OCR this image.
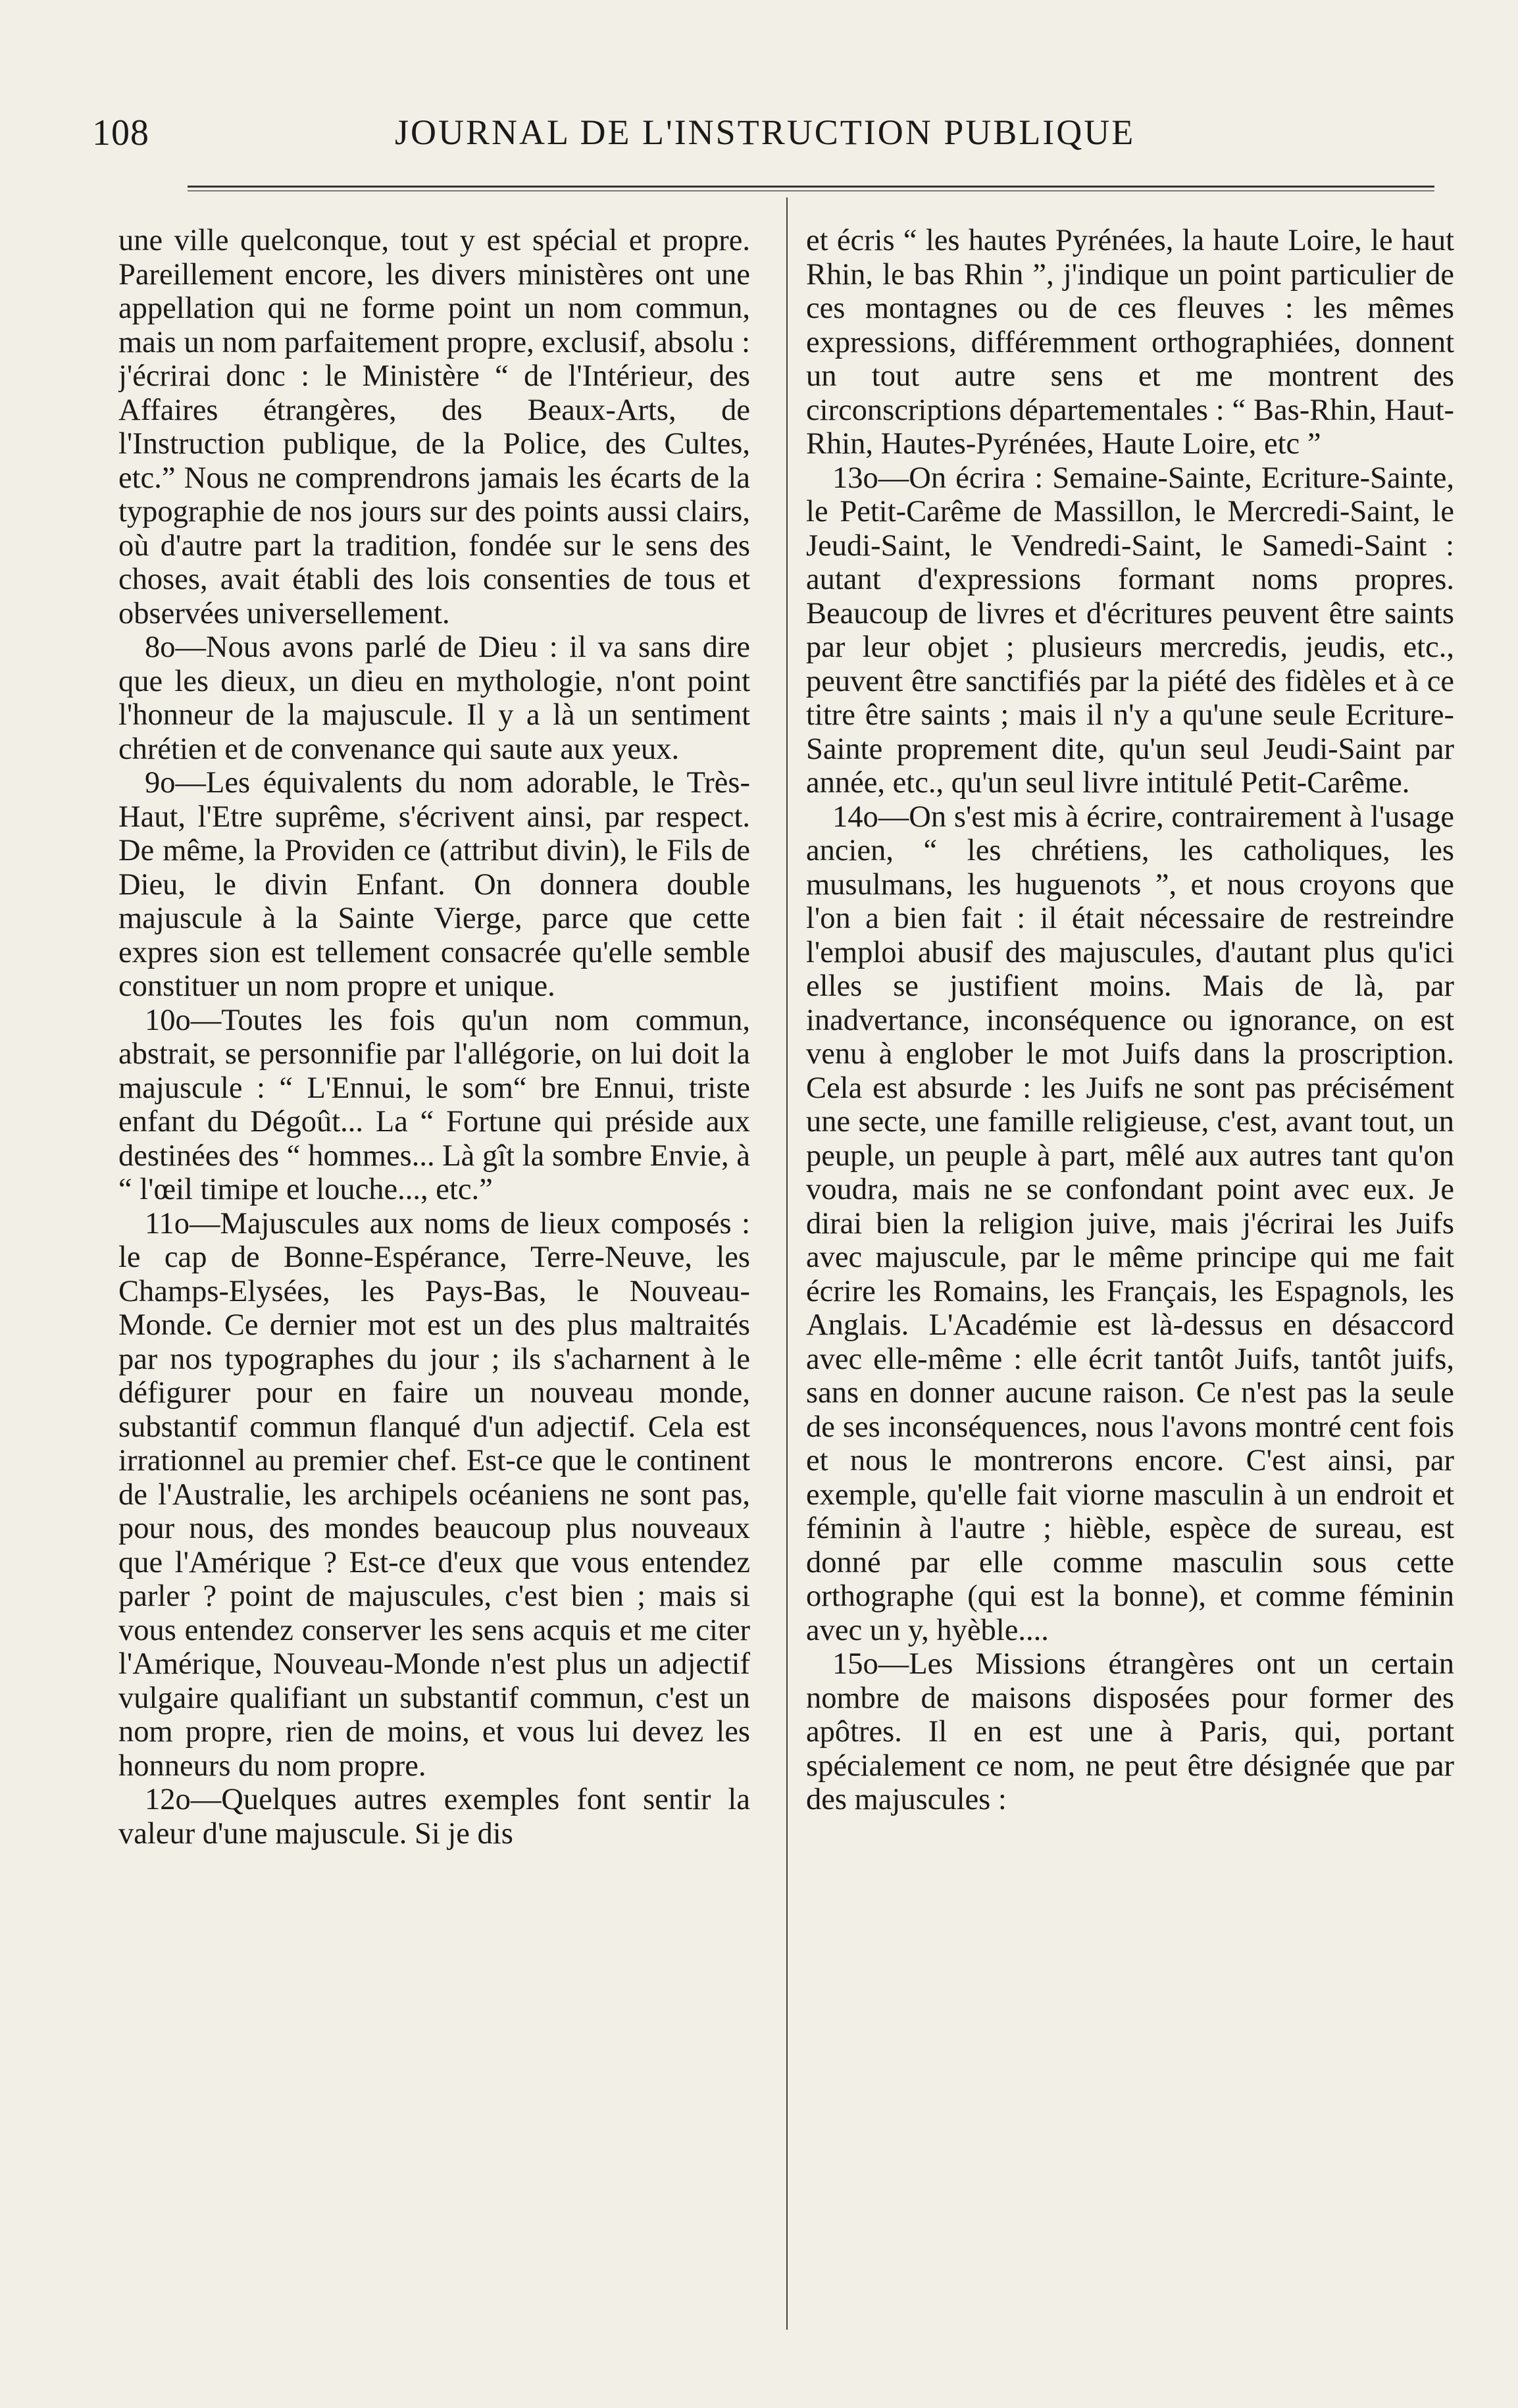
108	JOURNAL DE L'INSTRUCTION PUBLIQUE

une ville quelconque, tout y est spécial et propre. Pareillement encore, les divers ministères ont une appellation qui ne forme point un nom commun, mais un nom parfaitement propre, exclusif, absolu : j'écrirai donc : le Ministère “ de l'Intérieur, des Affaires étrangères, des Beaux-Arts, de l'Instruction publique, de la Police, des Cultes, etc.” Nous ne comprendrons jamais les écarts de la typographie de nos jours sur des points aussi clairs, où d'autre part la tradition, fondée sur le sens des choses, avait établi des lois consenties de tous et observées universellement.

8o—Nous avons parlé de Dieu : il va sans dire que les dieux, un dieu en mythologie, n'ont point l'honneur de la majuscule. Il y a là un sentiment chrétien et de convenance qui saute aux yeux.

9o—Les équivalents du nom adorable, le Très-Haut, l'Etre suprême, s'écrivent ainsi, par respect. De même, la Providen ce (attribut divin), le Fils de Dieu, le divin Enfant. On donnera double majuscule à la Sainte Vierge, parce que cette expres sion est tellement consacrée qu'elle semble constituer un nom propre et unique.

10o—Toutes les fois qu'un nom commun, abstrait, se personnifie par l'allégorie, on lui doit la majuscule : “ L'Ennui, le som“ bre Ennui, triste enfant du Dégoût... La “ Fortune qui préside aux destinées des “ hommes... Là gît la sombre Envie, à “ l'œil timipe et louche..., etc.”

11o—Majuscules aux noms de lieux composés : le cap de Bonne-Espérance, Terre-Neuve, les Champs-Elysées, les Pays-Bas, le Nouveau-Monde. Ce dernier mot est un des plus maltraités par nos typographes du jour ; ils s'acharnent à le défigurer pour en faire un nouveau monde, substantif commun flanqué d'un adjectif. Cela est irrationnel au premier chef. Est-ce que le continent de l'Australie, les archipels océaniens ne sont pas, pour nous, des mondes beaucoup plus nouveaux que l'Amérique ? Est-ce d'eux que vous entendez parler ? point de majuscules, c'est bien ; mais si vous entendez conserver les sens acquis et me citer l'Amérique, Nouveau-Monde n'est plus un adjectif vulgaire qualifiant un substantif commun, c'est un nom propre, rien de moins, et vous lui devez les honneurs du nom propre.

12o—Quelques autres exemples font sentir la valeur d'une majuscule. Si je dis

et écris “ les hautes Pyrénées, la haute Loire, le haut Rhin, le bas Rhin ”, j'indique un point particulier de ces montagnes ou de ces fleuves : les mêmes expressions, différemment orthographiées, donnent un tout autre sens et me montrent des circonscriptions départementales : “ Bas-Rhin, Haut-Rhin, Hautes-Pyrénées, Haute Loire, etc ”

13o—On écrira : Semaine-Sainte, Ecriture-Sainte, le Petit-Carême de Massillon, le Mercredi-Saint, le Jeudi-Saint, le Vendredi-Saint, le Samedi-Saint : autant d'expressions formant noms propres. Beaucoup de livres et d'écritures peuvent être saints par leur objet ; plusieurs mercredis, jeudis, etc., peuvent être sanctifiés par la piété des fidèles et à ce titre être saints ; mais il n'y a qu'une seule Ecriture-Sainte proprement dite, qu'un seul Jeudi-Saint par année, etc., qu'un seul livre intitulé Petit-Carême.

14o—On s'est mis à écrire, contrairement à l'usage ancien, “ les chrétiens, les catholiques, les musulmans, les huguenots ”, et nous croyons que l'on a bien fait : il était nécessaire de restreindre l'emploi abusif des majuscules, d'autant plus qu'ici elles se justifient moins. Mais de là, par inadvertance, inconséquence ou ignorance, on est venu à englober le mot Juifs dans la proscription. Cela est absurde : les Juifs ne sont pas précisément une secte, une famille religieuse, c'est, avant tout, un peuple, un peuple à part, mêlé aux autres tant qu'on voudra, mais ne se confondant point avec eux. Je dirai bien la religion juive, mais j'écrirai les Juifs avec majuscule, par le même principe qui me fait écrire les Romains, les Français, les Espagnols, les Anglais. L'Académie est là-dessus en désaccord avec elle-même : elle écrit tantôt Juifs, tantôt juifs, sans en donner aucune raison. Ce n'est pas la seule de ses inconséquences, nous l'avons montré cent fois et nous le montrerons encore. C'est ainsi, par exemple, qu'elle fait viorne masculin à un endroit et féminin à l'autre ; hièble, espèce de sureau, est donné par elle comme masculin sous cette orthographe (qui est la bonne), et comme féminin avec un y, hyèble....

15o—Les Missions étrangères ont un certain nombre de maisons disposées pour former des apôtres. Il en est une à Paris, qui, portant spécialement ce nom, ne peut être désignée que par des majuscules :
